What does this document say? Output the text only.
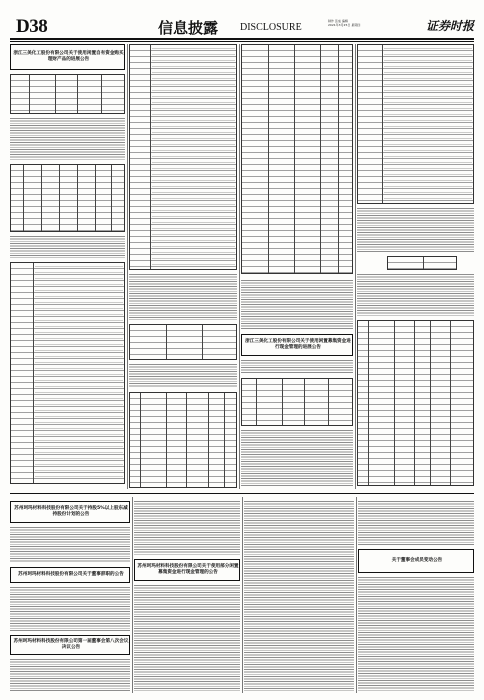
D38	信息披露 DISCLOSURE
制作 张成 编辑
2021年3月25日 星期四	证券时报
浙江三美化工股份有限公司关于使用闲置自有资金购买理财产品的进展公告
浙江三美化工股份有限公司关于使用闲置募集资金进行现金管理的进展公告
苏州珂玛材料科技股份有限公司关于持股5%以上股东减持股份计划的公告
苏州珂玛材料科技股份有限公司关于董事辞职的公告
苏州珂玛材料科技股份有限公司第一届董事会第八次会议决议公告
苏州珂玛材料科技股份有限公司关于使用部分闲置募集资金进行现金管理的公告
关于董事会成员变动公告
